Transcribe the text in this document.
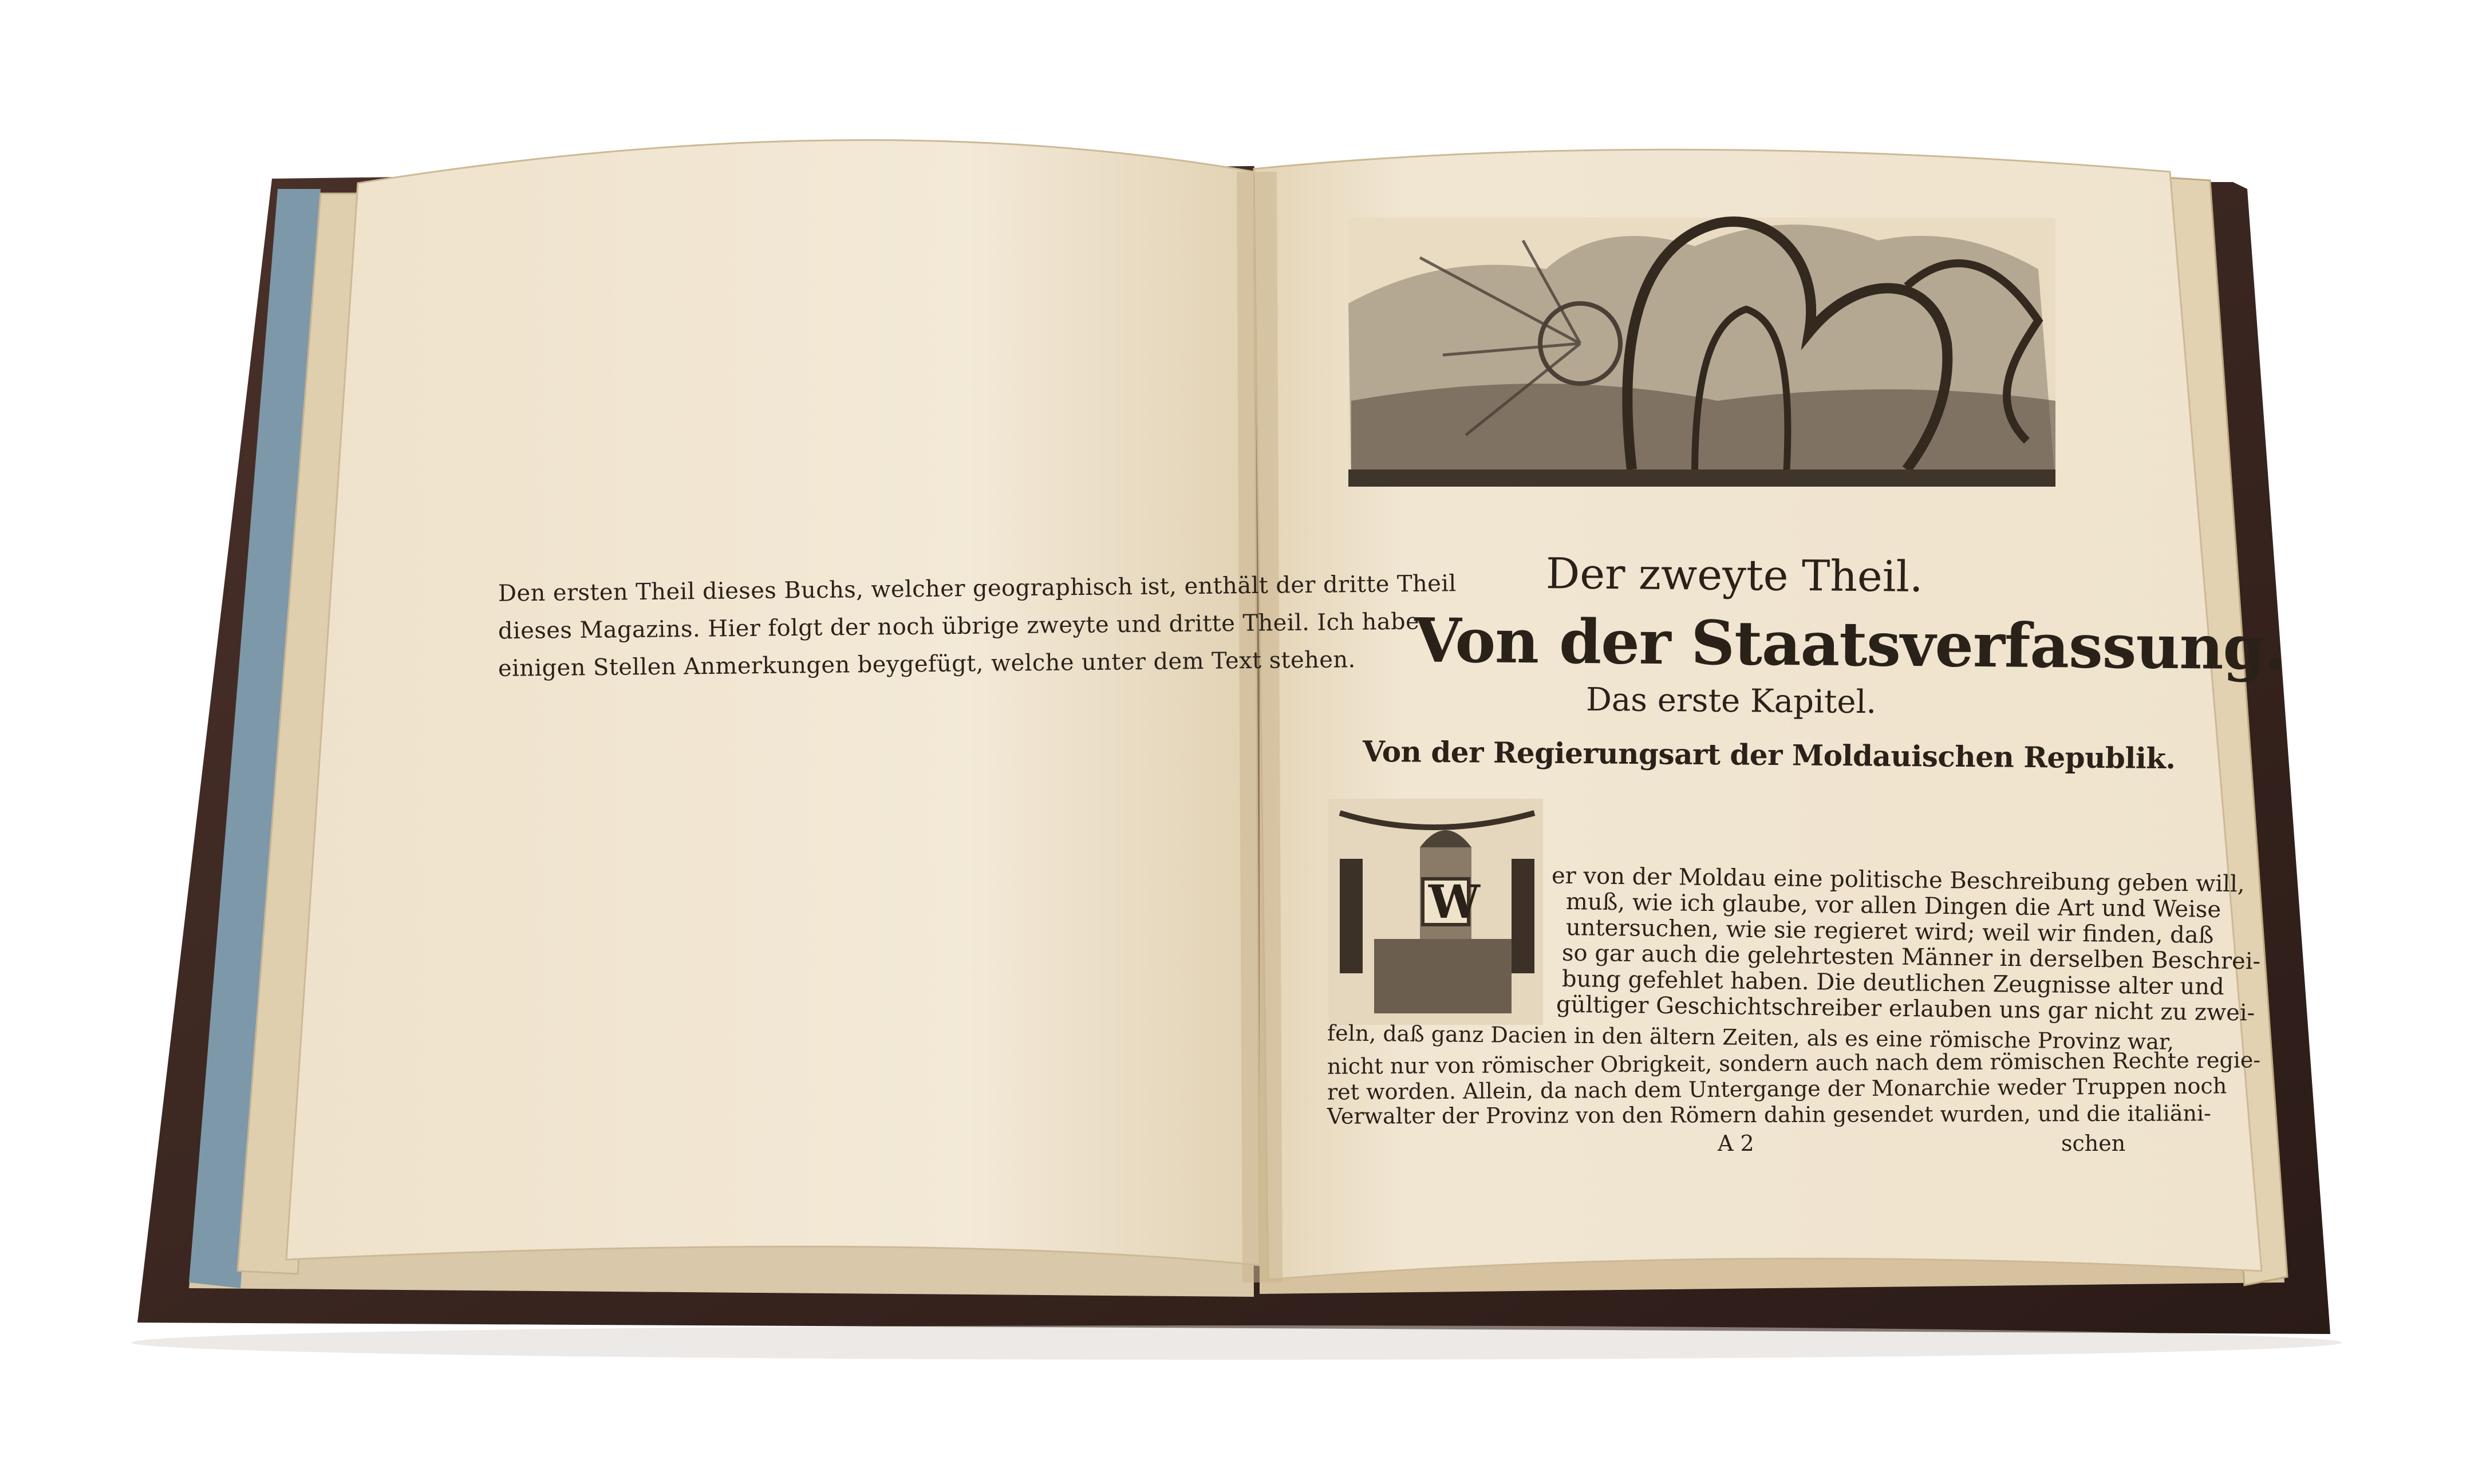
Den ersten Theil dieses Buchs, welcher geographisch ist, enthält der dritte Theil

dieses Magazins. Hier folgt der noch übrige zweyte und dritte Theil. Ich habe

einigen Stellen Anmerkungen beygefügt, welche unter dem Text stehen.

Der zweyte Theil.

Von der Staatsverfassung.

Das erste Kapitel.

Von der Regierungsart der Moldauischen Republik.

W	er von der Moldau eine politische Beschreibung geben will,

muß, wie ich glaube, vor allen Dingen die Art und Weise

untersuchen, wie sie regieret wird; weil wir finden, daß

so gar auch die gelehrtesten Männer in derselben Beschrei-

bung gefehlet haben. Die deutlichen Zeugnisse alter und

gültiger Geschichtschreiber erlauben uns gar nicht zu zwei-

feln, daß ganz Dacien in den ältern Zeiten, als es eine römische Provinz war,

nicht nur von römischer Obrigkeit, sondern auch nach dem römischen Rechte regie-

ret worden. Allein, da nach dem Untergange der Monarchie weder Truppen noch

Verwalter der Provinz von den Römern dahin gesendet wurden, und die italiäni-

A 2	schen
